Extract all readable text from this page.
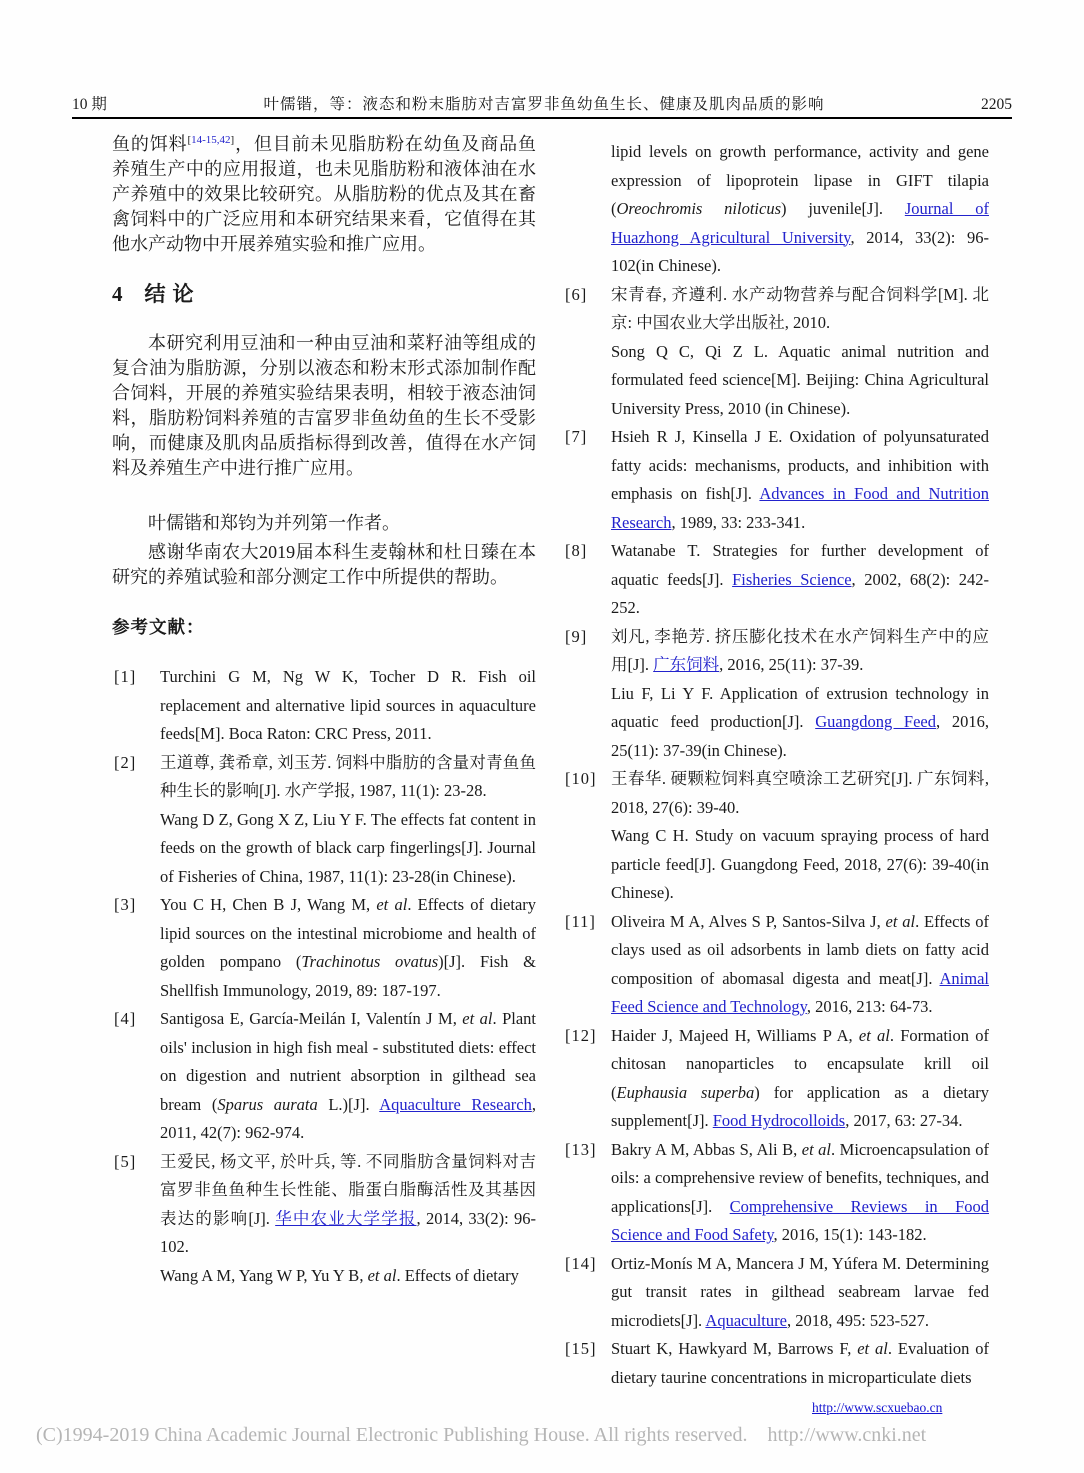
10 期	叶儒锴，等：液态和粉末脂肪对吉富罗非鱼幼鱼生长、健康及肌肉品质的影响	2205

鱼的饵料[14-15,42]，但目前未见脂肪粉在幼鱼及商品鱼养殖生产中的应用报道，也未见脂肪粉和液体油在水产养殖中的效果比较研究。从脂肪粉的优点及其在畜禽饲料中的广泛应用和本研究结果来看，它值得在其他水产动物中开展养殖实验和推广应用。

4 结论

本研究利用豆油和一种由豆油和菜籽油等组成的复合油为脂肪源，分别以液态和粉末形式添加制作配合饲料，开展的养殖实验结果表明，相较于液态油饲料，脂肪粉饲料养殖的吉富罗非鱼幼鱼的生长不受影响，而健康及肌肉品质指标得到改善，值得在水产饲料及养殖生产中进行推广应用。

叶儒锴和郑钧为并列第一作者。

感谢华南农大2019届本科生麦翰林和杜日臻在本研究的养殖试验和部分测定工作中所提供的帮助。

参考文献：
[1] Turchini G M, Ng W K, Tocher D R. Fish oil replacement and alternative lipid sources in aquaculture feeds[M]. Boca Raton: CRC Press, 2011.
[2] 王道尊, 龚希章, 刘玉芳. 饲料中脂肪的含量对青鱼鱼种生长的影响[J]. 水产学报, 1987, 11(1): 23-28.
Wang D Z, Gong X Z, Liu Y F. The effects fat content in feeds on the growth of black carp fingerlings[J]. Journal of Fisheries of China, 1987, 11(1): 23-28(in Chinese).
[3] You C H, Chen B J, Wang M, et al. Effects of dietary lipid sources on the intestinal microbiome and health of golden pompano (Trachinotus ovatus)[J]. Fish & Shellfish Immunology, 2019, 89: 187-197.
[4] Santigosa E, García-Meilán I, Valentín J M, et al. Plant oils' inclusion in high fish meal - substituted diets: effect on digestion and nutrient absorption in gilthead sea bream (Sparus aurata L.)[J]. Aquaculture Research, 2011, 42(7): 962-974.
[5] 王爱民, 杨文平, 於叶兵, 等. 不同脂肪含量饲料对吉富罗非鱼鱼种生长性能、脂蛋白脂酶活性及其基因表达的影响[J]. 华中农业大学学报, 2014, 33(2): 96-102.
Wang A M, Yang W P, Yu Y B, et al. Effects of dietary
lipid levels on growth performance, activity and gene expression of lipoprotein lipase in GIFT tilapia (Oreochromis niloticus) juvenile[J]. Journal of Huazhong Agricultural University, 2014, 33(2): 96-102(in Chinese).
[6] 宋青春, 齐遵利. 水产动物营养与配合饲料学[M]. 北京: 中国农业大学出版社, 2010.
Song Q C, Qi Z L. Aquatic animal nutrition and formulated feed science[M]. Beijing: China Agricultural University Press, 2010 (in Chinese).
[7] Hsieh R J, Kinsella J E. Oxidation of polyunsaturated fatty acids: mechanisms, products, and inhibition with emphasis on fish[J]. Advances in Food and Nutrition Research, 1989, 33: 233-341.
[8] Watanabe T. Strategies for further development of aquatic feeds[J]. Fisheries Science, 2002, 68(2): 242-252.
[9] 刘凡, 李艳芳. 挤压膨化技术在水产饲料生产中的应用[J]. 广东饲料, 2016, 25(11): 37-39.
Liu F, Li Y F. Application of extrusion technology in aquatic feed production[J]. Guangdong Feed, 2016, 25(11): 37-39(in Chinese).
[10] 王春华. 硬颗粒饲料真空喷涂工艺研究[J]. 广东饲料, 2018, 27(6): 39-40.
Wang C H. Study on vacuum spraying process of hard particle feed[J]. Guangdong Feed, 2018, 27(6): 39-40(in Chinese).
[11] Oliveira M A, Alves S P, Santos-Silva J, et al. Effects of clays used as oil adsorbents in lamb diets on fatty acid composition of abomasal digesta and meat[J]. Animal Feed Science and Technology, 2016, 213: 64-73.
[12] Haider J, Majeed H, Williams P A, et al. Formation of chitosan nanoparticles to encapsulate krill oil (Euphausia superba) for application as a dietary supplement[J]. Food Hydrocolloids, 2017, 63: 27-34.
[13] Bakry A M, Abbas S, Ali B, et al. Microencapsulation of oils: a comprehensive review of benefits, techniques, and applications[J]. Comprehensive Reviews in Food Science and Food Safety, 2016, 15(1): 143-182.
[14] Ortiz-Monís M A, Mancera J M, Yúfera M. Determining gut transit rates in gilthead seabream larvae fed microdiets[J]. Aquaculture, 2018, 495: 523-527.
[15] Stuart K, Hawkyard M, Barrows F, et al. Evaluation of dietary taurine concentrations in microparticulate diets
http://www.scxuebao.cn
(C)1994-2019 China Academic Journal Electronic Publishing House. All rights reserved.    http://www.cnki.net
